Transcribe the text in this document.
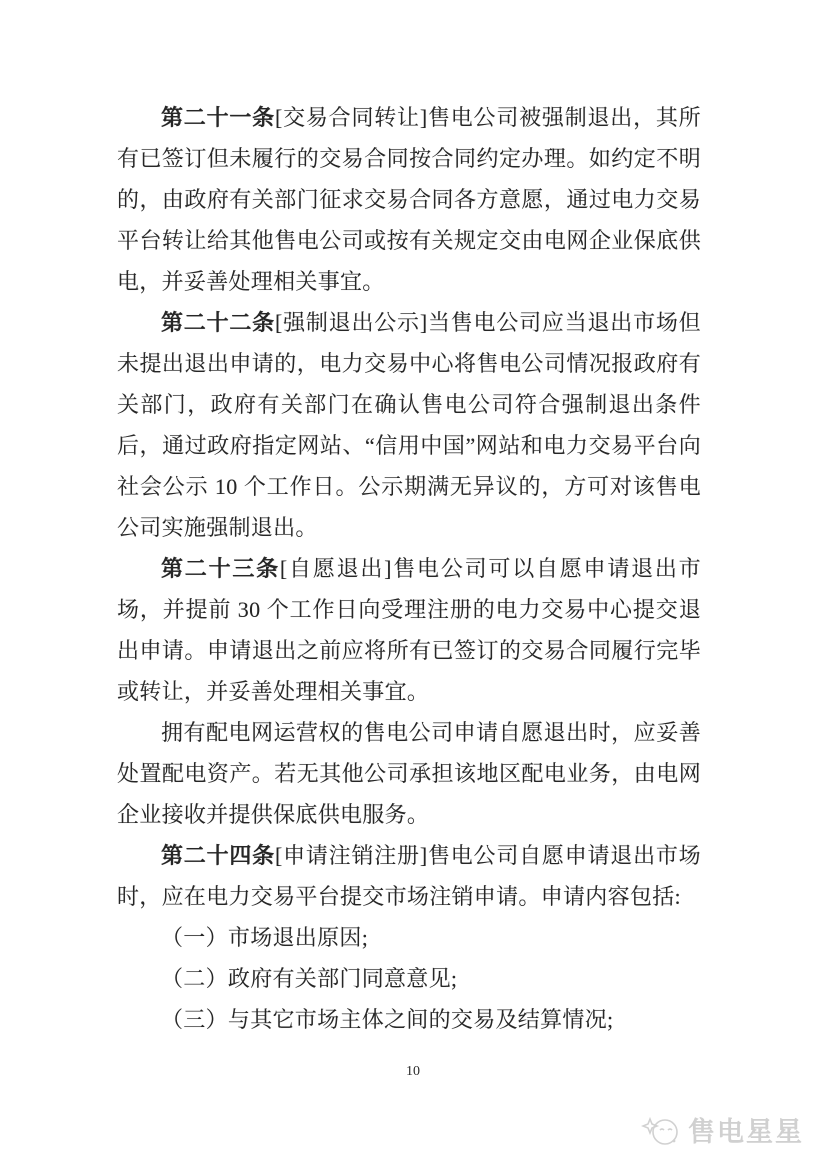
第二十一条[交易合同转让]售电公司被强制退出，其所有已签订但未履行的交易合同按合同约定办理。如约定不明的，由政府有关部门征求交易合同各方意愿，通过电力交易平台转让给其他售电公司或按有关规定交由电网企业保底供电，并妥善处理相关事宜。

第二十二条[强制退出公示]当售电公司应当退出市场但未提出退出申请的，电力交易中心将售电公司情况报政府有关部门，政府有关部门在确认售电公司符合强制退出条件后，通过政府指定网站、“信用中国”网站和电力交易平台向社会公示 10 个工作日。公示期满无异议的，方可对该售电公司实施强制退出。

第二十三条[自愿退出]售电公司可以自愿申请退出市场，并提前 30 个工作日向受理注册的电力交易中心提交退出申请。申请退出之前应将所有已签订的交易合同履行完毕或转让，并妥善处理相关事宜。

拥有配电网运营权的售电公司申请自愿退出时，应妥善处置配电资产。若无其他公司承担该地区配电业务，由电网企业接收并提供保底供电服务。

第二十四条[申请注销注册]售电公司自愿申请退出市场时，应在电力交易平台提交市场注销申请。申请内容包括:

（一）市场退出原因;

（二）政府有关部门同意意见;

（三）与其它市场主体之间的交易及结算情况;

10
售电星星
